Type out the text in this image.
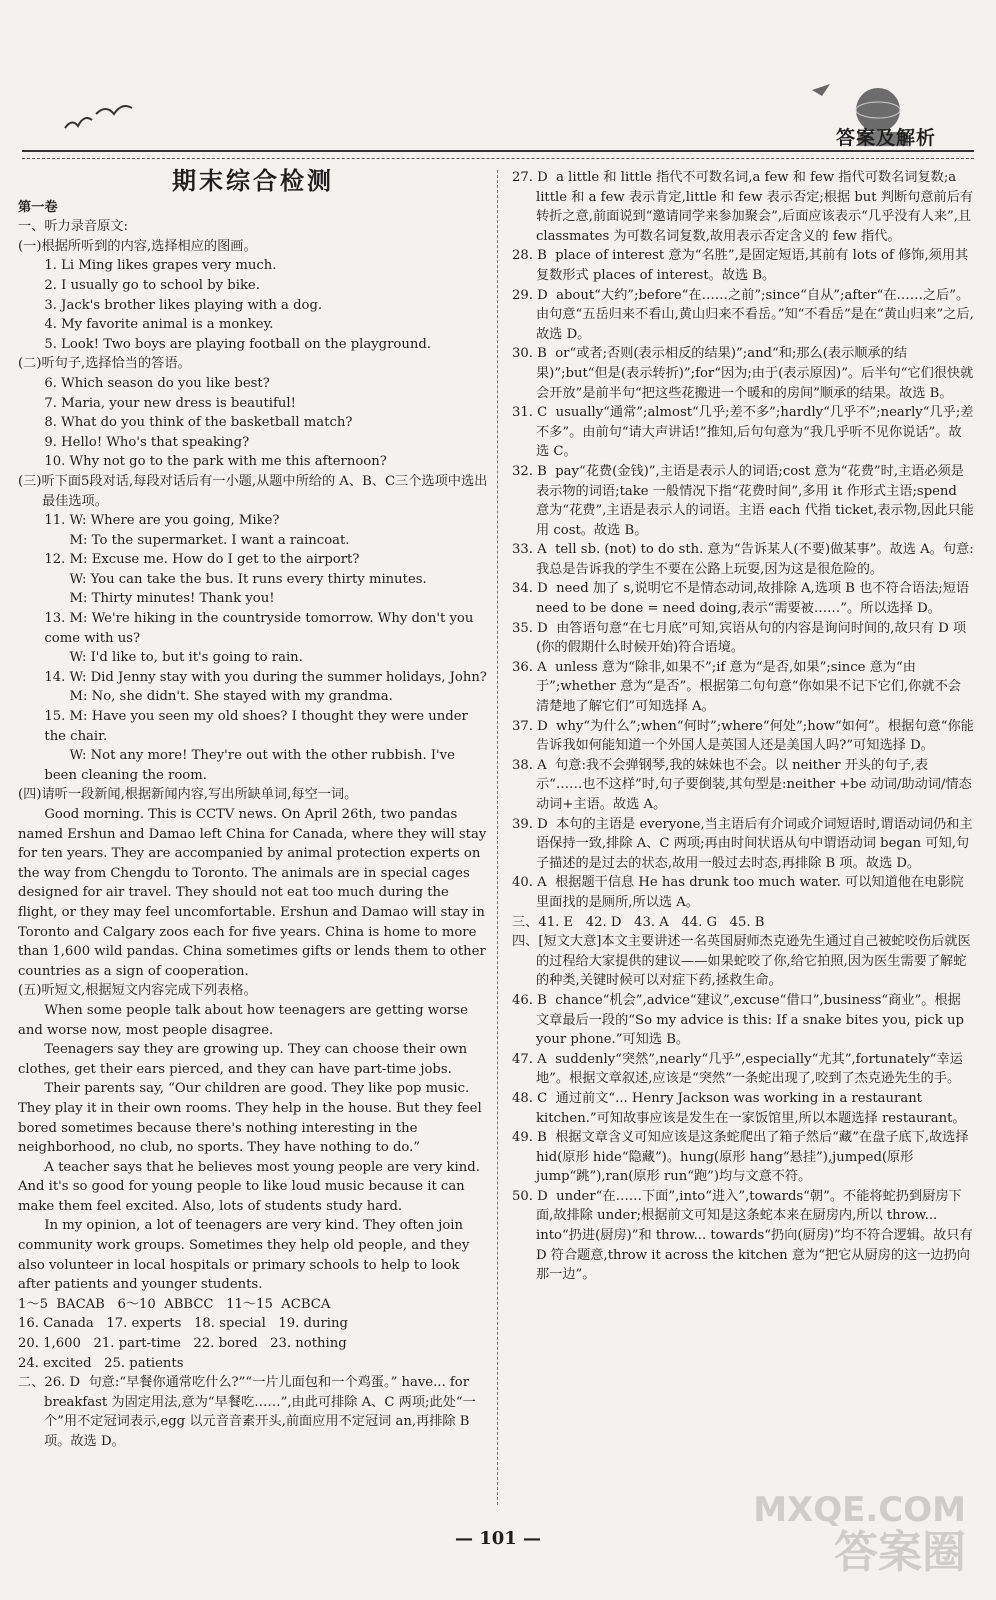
答案及解析
期末综合检测

第一卷

一、听力录音原文:

(一)根据所听到的内容,选择相应的图画。

1. Li Ming likes grapes very much.

2. I usually go to school by bike.

3. Jack's brother likes playing with a dog.

4. My favorite animal is a monkey.

5. Look! Two boys are playing football on the playground.

(二)听句子,选择恰当的答语。

6. Which season do you like best?

7. Maria, your new dress is beautiful!

8. What do you think of the basketball match?

9. Hello! Who's that speaking?

10. Why not go to the park with me this afternoon?

(三)听下面5段对话,每段对话后有一小题,从题中所给的 A、B、C三个选项中选出最佳选项。

11. W: Where are you going, Mike?

M: To the supermarket. I want a raincoat.

12. M: Excuse me. How do I get to the airport?

W: You can take the bus. It runs every thirty minutes.

M: Thirty minutes! Thank you!

13. M: We're hiking in the countryside tomorrow. Why don't you come with us?

W: I'd like to, but it's going to rain.

14. W: Did Jenny stay with you during the summer holidays, John?

M: No, she didn't. She stayed with my grandma.

15. M: Have you seen my old shoes? I thought they were under the chair.

W: Not any more! They're out with the other rubbish. I've been cleaning the room.

(四)请听一段新闻,根据新闻内容,写出所缺单词,每空一词。

Good morning. This is CCTV news. On April 26th, two pandas named Ershun and Damao left China for Canada, where they will stay for ten years. They are accompanied by animal protection experts on the way from Chengdu to Toronto. The animals are in special cages designed for air travel. They should not eat too much during the flight, or they may feel uncomfortable. Ershun and Damao will stay in Toronto and Calgary zoos each for five years. China is home to more than 1,600 wild pandas. China sometimes gifts or lends them to other countries as a sign of cooperation.

(五)听短文,根据短文内容完成下列表格。

When some people talk about how teenagers are getting worse and worse now, most people disagree.

Teenagers say they are growing up. They can choose their own clothes, get their ears pierced, and they can have part-time jobs.

Their parents say, “Our children are good. They like pop music. They play it in their own rooms. They help in the house. But they feel bored sometimes because there's nothing interesting in the neighborhood, no club, no sports. They have nothing to do.”

A teacher says that he believes most young people are very kind. And it's so good for young people to like loud music because it can make them feel excited. Also, lots of students study hard.

In my opinion, a lot of teenagers are very kind. They often join community work groups. Sometimes they help old people, and they also volunteer in local hospitals or primary schools to help to look after patients and younger students.

1～5  BACAB   6～10  ABBCC   11～15  ACBCA

16. Canada   17. experts   18. special   19. during

20. 1,600   21. part-time   22. bored   23. nothing

24. excited   25. patients

二、26. D  句意:“早餐你通常吃什么?”“一片儿面包和一个鸡蛋。” have... for breakfast 为固定用法,意为“早餐吃……”,由此可排除 A、C 两项;此处“一个”用不定冠词表示,egg 以元音音素开头,前面应用不定冠词 an,再排除 B 项。故选 D。

27. D  a little 和 little 指代不可数名词,a few 和 few 指代可数名词复数;a little 和 a few 表示肯定,little 和 few 表示否定;根据 but 判断句意前后有转折之意,前面说到“邀请同学来参加聚会”,后面应该表示“几乎没有人来”,且 classmates 为可数名词复数,故用表示否定含义的 few 指代。

28. B  place of interest 意为“名胜”,是固定短语,其前有 lots of 修饰,须用其复数形式 places of interest。故选 B。

29. D  about“大约”;before“在……之前”;since“自从”;after“在……之后”。由句意“五岳归来不看山,黄山归来不看岳。”知“不看岳”是在“黄山归来”之后,故选 D。

30. B  or“或者;否则(表示相反的结果)”;and“和;那么(表示顺承的结果)”;but“但是(表示转折)”;for“因为;由于(表示原因)”。后半句“它们很快就会开放”是前半句“把这些花搬进一个暖和的房间”顺承的结果。故选 B。

31. C  usually“通常”;almost“几乎;差不多”;hardly“几乎不”;nearly“几乎;差不多”。由前句“请大声讲话!”推知,后句句意为“我几乎听不见你说话”。故选 C。

32. B  pay“花费(金钱)”,主语是表示人的词语;cost 意为“花费”时,主语必须是表示物的词语;take 一般情况下指“花费时间”,多用 it 作形式主语;spend 意为“花费”,主语是表示人的词语。主语 each 代指 ticket,表示物,因此只能用 cost。故选 B。

33. A  tell sb. (not) to do sth. 意为“告诉某人(不要)做某事”。故选 A。句意:我总是告诉我的学生不要在公路上玩耍,因为这是很危险的。

34. D  need 加了 s,说明它不是情态动词,故排除 A,选项 B 也不符合语法;短语 need to be done = need doing,表示“需要被……”。所以选择 D。

35. D  由答语句意“在七月底”可知,宾语从句的内容是询问时间的,故只有 D 项(你的假期什么时候开始)符合语境。

36. A  unless 意为“除非,如果不”;if 意为“是否,如果”;since 意为“由于”;whether 意为“是否”。根据第二句句意“你如果不记下它们,你就不会清楚地了解它们”可知选择 A。

37. D  why“为什么”;when“何时”;where“何处”;how“如何”。根据句意“你能告诉我如何能知道一个外国人是英国人还是美国人吗?”可知选择 D。

38. A  句意:我不会弹钢琴,我的妹妹也不会。以 neither 开头的句子,表示“……也不这样”时,句子要倒装,其句型是:neither +be 动词/助动词/情态动词+主语。故选 A。

39. D  本句的主语是 everyone,当主语后有介词或介词短语时,谓语动词仍和主语保持一致,排除 A、C 两项;再由时间状语从句中谓语动词 began 可知,句子描述的是过去的状态,故用一般过去时态,再排除 B 项。故选 D。

40. A  根据题干信息 He has drunk too much water. 可以知道他在电影院里面找的是厕所,所以选 A。

三、41. E   42. D   43. A   44. G   45. B

四、[短文大意]本文主要讲述一名英国厨师杰克逊先生通过自己被蛇咬伤后就医的过程给大家提供的建议——如果蛇咬了你,给它拍照,因为医生需要了解蛇的种类,关键时候可以对症下药,拯救生命。

46. B  chance“机会”,advice“建议”,excuse“借口”,business“商业”。根据文章最后一段的“So my advice is this: If a snake bites you, pick up your phone.”可知选 B。

47. A  suddenly“突然”,nearly“几乎”,especially“尤其”,fortunately“幸运地”。根据文章叙述,应该是“突然”一条蛇出现了,咬到了杰克逊先生的手。

48. C  通过前文“... Henry Jackson was working in a restaurant kitchen.”可知故事应该是发生在一家饭馆里,所以本题选择 restaurant。

49. B  根据文章含义可知应该是这条蛇爬出了箱子然后“藏”在盘子底下,故选择 hid(原形 hide“隐藏”)。hung(原形 hang“悬挂”),jumped(原形 jump“跳”),ran(原形 run“跑”)均与文意不符。

50. D  under“在……下面”,into“进入”,towards“朝”。不能将蛇扔到厨房下面,故排除 under;根据前文可知是这条蛇本来在厨房内,所以 throw... into“扔进(厨房)”和 throw... towards“扔向(厨房)”均不符合逻辑。故只有 D 符合题意,throw it across the kitchen 意为“把它从厨房的这一边扔向那一边”。

— 101 —
MXQE.COM
答案圈
